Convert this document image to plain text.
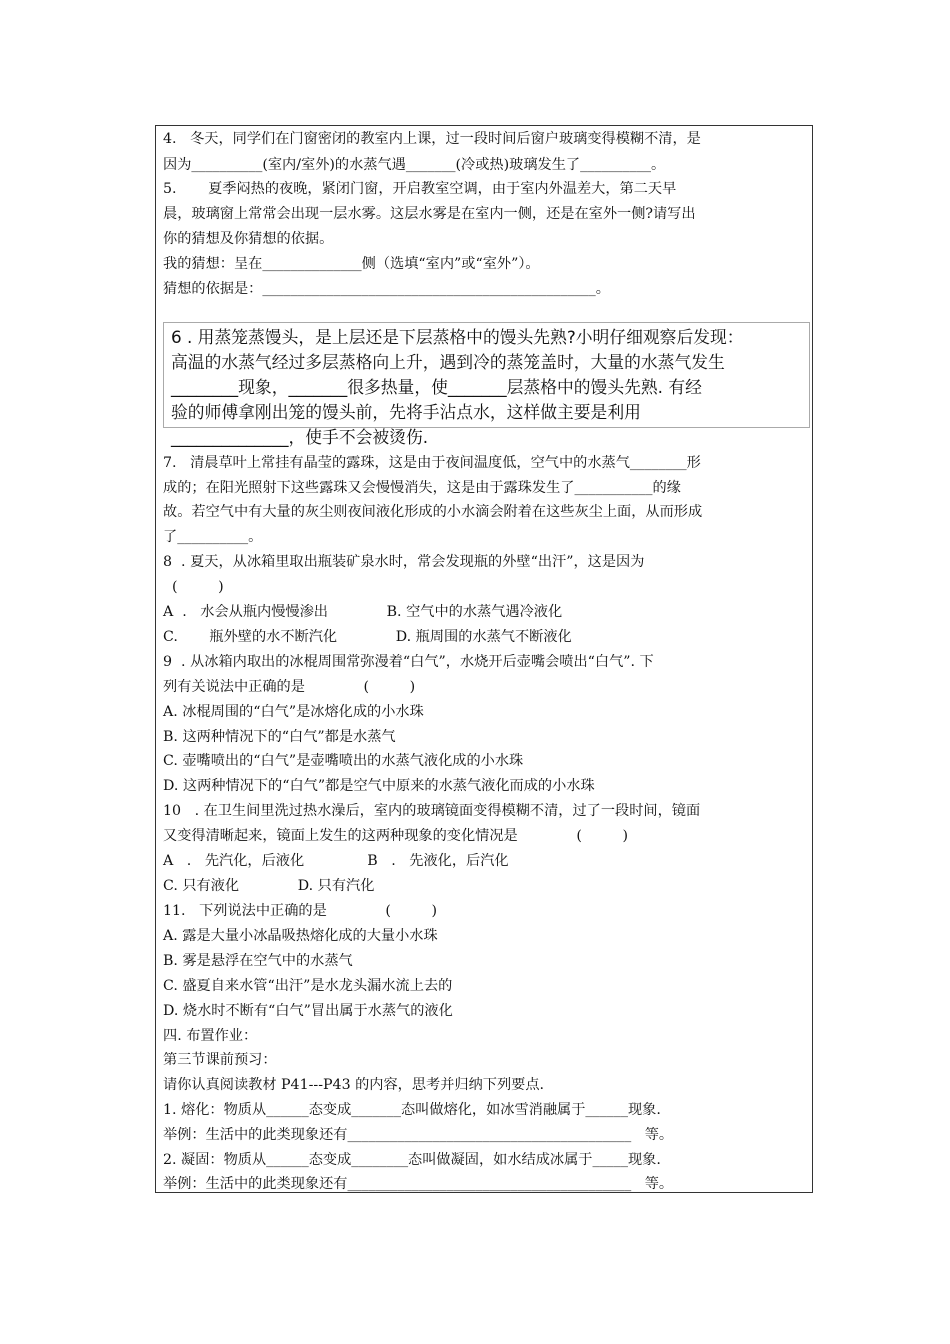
4.   冬天，同学们在门窗密闭的教室内上课，过一段时间后窗户玻璃变得模糊不清，是
因为__________(室内/室外)的水蒸气遇_______(冷或热)玻璃发生了__________。
5.       夏季闷热的夜晚，紧闭门窗，开启教室空调，由于室内外温差大，第二天早
晨，玻璃窗上常常会出现一层水雾。这层水雾是在室内一侧，还是在室外一侧?请写出
你的猜想及你猜想的依据。
我的猜想：呈在______________侧（选填“室内”或“室外”）。
猜想的依据是：_______________________________________________。
6 . 用蒸笼蒸馒头，是上层还是下层蒸格中的馒头先熟?小明仔细观察后发现：
高温的水蒸气经过多层蒸格向上升，遇到冷的蒸笼盖时，大量的水蒸气发生
________现象，_______很多热量，使_______层蒸格中的馒头先熟. 有经
验的师傅拿刚出笼的馒头前，先将手沾点水，这样做主要是利用
______________，使手不会被烫伤.
7.   清晨草叶上常挂有晶莹的露珠，这是由于夜间温度低，空气中的水蒸气________形
成的；在阳光照射下这些露珠又会慢慢消失，这是由于露珠发生了___________的缘
故。若空气中有大量的灰尘则夜间液化形成的小水滴会附着在这些灰尘上面，从而形成
了__________。
8  . 夏天，从冰箱里取出瓶装矿泉水时，常会发现瓶的外壁“出汗”，这是因为
(         )
A  .   水会从瓶内慢慢渗出             B. 空气中的水蒸气遇冷液化
C.       瓶外壁的水不断汽化             D. 瓶周围的水蒸气不断液化
9  . 从冰箱内取出的冰棍周围常弥漫着“白气”，水烧开后壶嘴会喷出“白气”. 下
列有关说法中正确的是             (         )
A. 冰棍周围的“白气”是冰熔化成的小水珠
B. 这两种情况下的“白气”都是水蒸气
C. 壶嘴喷出的“白气”是壶嘴喷出的水蒸气液化成的小水珠
D. 这两种情况下的“白气”都是空气中原来的水蒸气液化而成的小水珠
10   . 在卫生间里洗过热水澡后，室内的玻璃镜面变得模糊不清，过了一段时间，镜面
又变得清晰起来，镜面上发生的这两种现象的变化情况是             (         )
A   .   先汽化，后液化              B   .   先液化，后汽化
C. 只有液化             D. 只有汽化
11.   下列说法中正确的是             (         )
A. 露是大量小冰晶吸热熔化成的大量小水珠
B. 雾是悬浮在空气中的水蒸气
C. 盛夏自来水管“出汗”是水龙头漏水流上去的
D. 烧水时不断有“白气”冒出属于水蒸气的液化
四. 布置作业：
第三节课前预习：
请你认真阅读教材 P41---P43 的内容，思考并归纳下列要点.
1. 熔化：物质从______态变成_______态叫做熔化，如冰雪消融属于______现象.
举例：生活中的此类现象还有________________________________________   等。
2. 凝固：物质从______态变成________态叫做凝固，如水结成冰属于_____现象.
举例：生活中的此类现象还有________________________________________   等。
